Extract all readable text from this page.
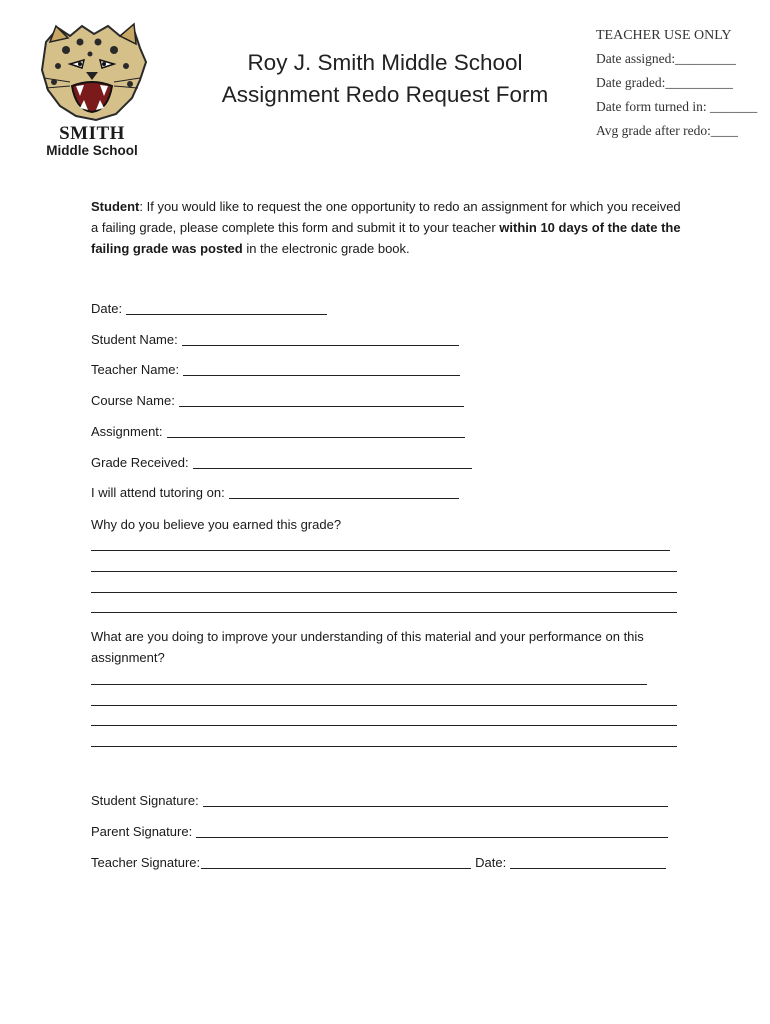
SMITH
Middle School
Roy J. Smith Middle School
Assignment Redo Request Form
TEACHER USE ONLY
Date assigned:_________
Date graded:__________
Date form turned in: _______
Avg grade after redo:____
Student: If you would like to request the one opportunity to redo an assignment for which you received a failing grade, please complete this form and submit it to your teacher within 10 days of the date the failing grade was posted in the electronic grade book.
Date:
Student Name:
Teacher Name:
Course Name:
Assignment:
Grade Received:
I will attend tutoring on:
Why do you believe you earned this grade?
What are you doing to improve your understanding of this material and your performance on this assignment?
Student Signature:
Parent Signature:
Teacher Signature:	Date:
